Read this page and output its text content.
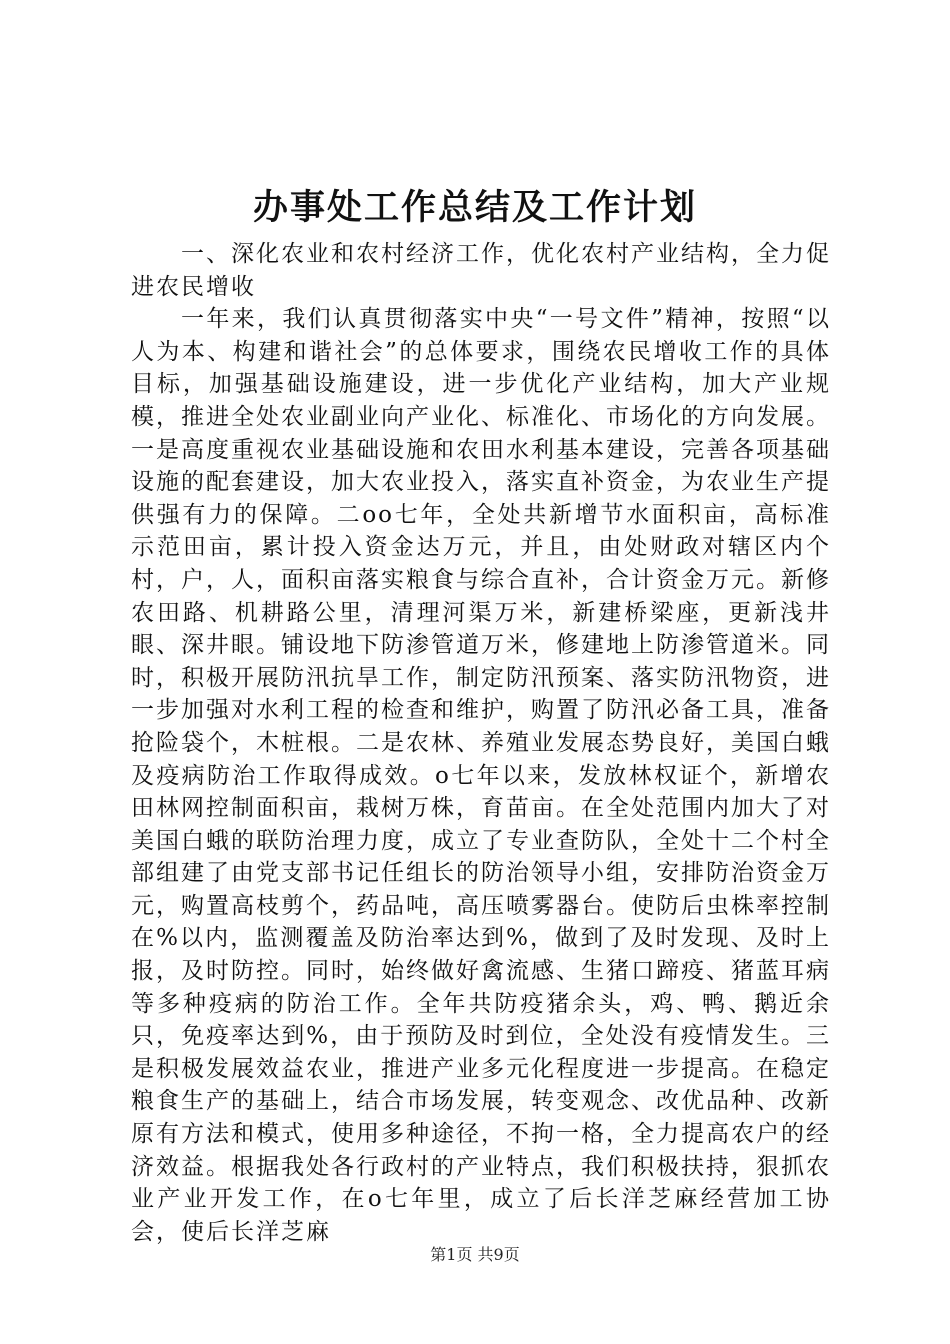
办事处工作总结及工作计划

一、深化农业和农村经济工作，优化农村产业结构，全力促进农民增收

一年来，我们认真贯彻落实中央“一号文件”精神，按照“以人为本、构建和谐社会”的总体要求，围绕农民增收工作的具体目标，加强基础设施建设，进一步优化产业结构，加大产业规模，推进全处农业副业向产业化、标准化、市场化的方向发展。一是高度重视农业基础设施和农田水利基本建设，完善各项基础设施的配套建设，加大农业投入，落实直补资金，为农业生产提供强有力的保障。二oo七年，全处共新增节水面积亩，高标准示范田亩，累计投入资金达万元，并且，由处财政对辖区内个村，户，人，面积亩落实粮食与综合直补，合计资金万元。新修农田路、机耕路公里，清理河渠万米，新建桥梁座，更新浅井眼、深井眼。铺设地下防渗管道万米，修建地上防渗管道米。同时，积极开展防汛抗旱工作，制定防汛预案、落实防汛物资，进一步加强对水利工程的检查和维护，购置了防汛必备工具，准备抢险袋个，木桩根。二是农林、养殖业发展态势良好，美国白蛾及疫病防治工作取得成效。o七年以来，发放林权证个，新增农田林网控制面积亩，栽树万株，育苗亩。在全处范围内加大了对美国白蛾的联防治理力度，成立了专业查防队，全处十二个村全部组建了由党支部书记任组长的防治领导小组，安排防治资金万元，购置高枝剪个，药品吨，高压喷雾器台。使防后虫株率控制在%以内，监测覆盖及防治率达到%，做到了及时发现、及时上报，及时防控。同时，始终做好禽流感、生猪口蹄疫、猪蓝耳病等多种疫病的防治工作。全年共防疫猪余头，鸡、鸭、鹅近余只，免疫率达到%，由于预防及时到位，全处没有疫情发生。三是积极发展效益农业，推进产业多元化程度进一步提高。在稳定粮食生产的基础上，结合市场发展，转变观念、改优品种、改新原有方法和模式，使用多种途径，不拘一格，全力提高农户的经济效益。根据我处各行政村的产业特点，我们积极扶持，狠抓农业产业开发工作，在o七年里，成立了后长洋芝麻经营加工协会，使后长洋芝麻

第1页 共9页
